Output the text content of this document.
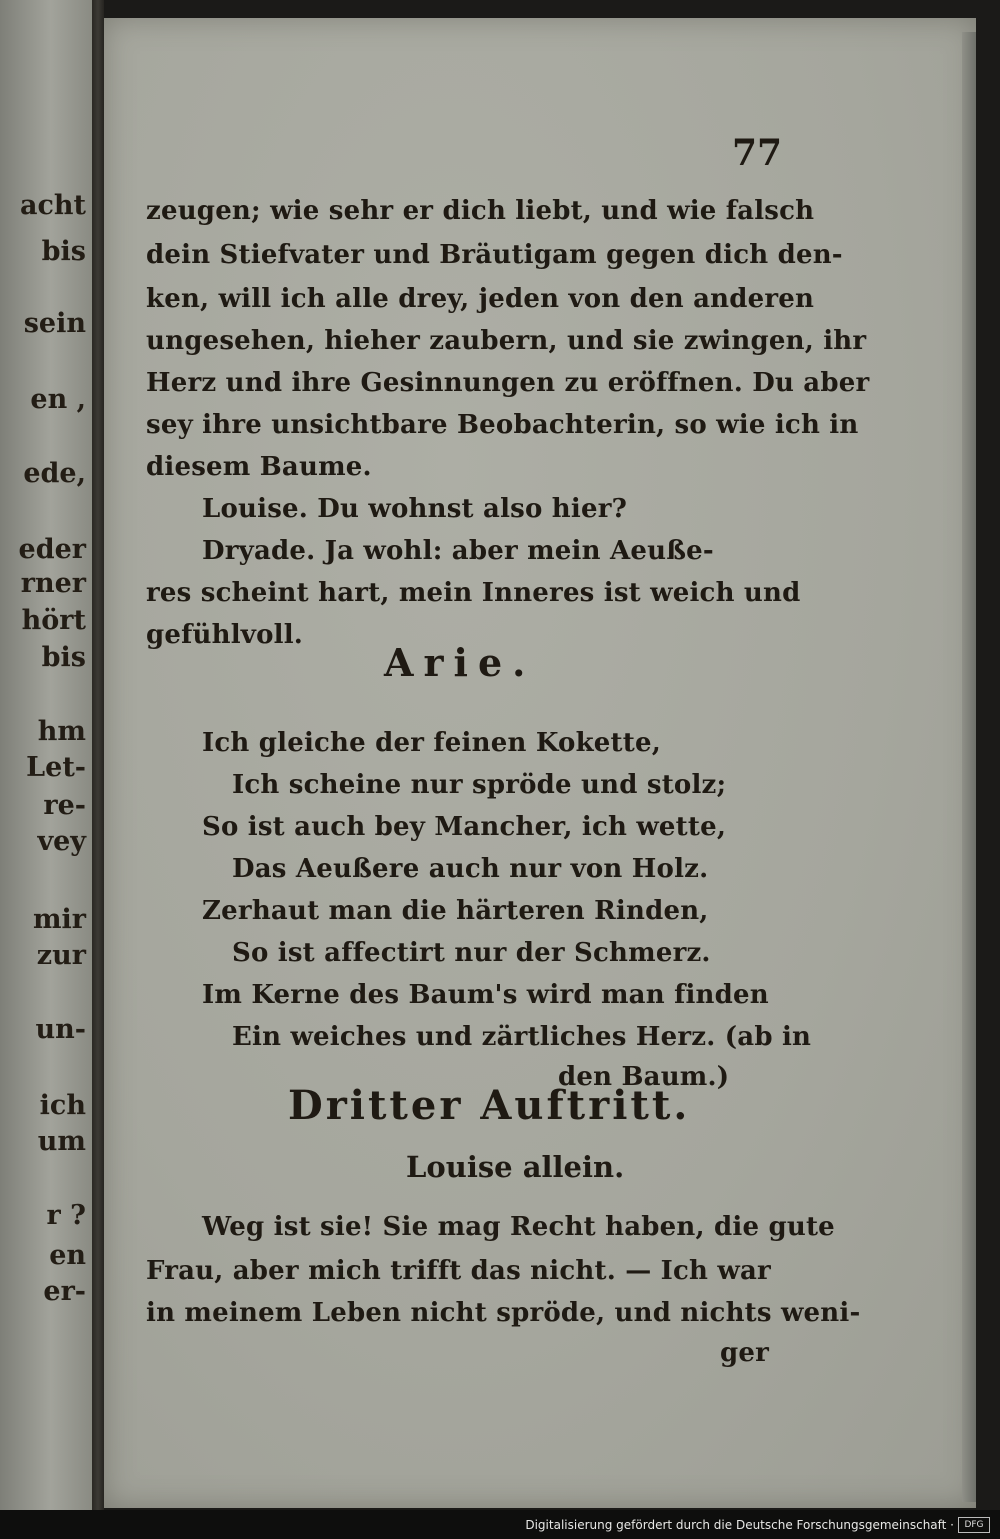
acht
bis
sein
en ,
ede,
eder
rner
hört
bis
hm
Let-
re-
vey
mir
zur
un-
ich
um
r ?
en
er-
77
zeugen; wie sehr er dich liebt, und wie falsch
dein Stiefvater und Bräutigam gegen dich den-
ken, will ich alle drey, jeden von den anderen
ungesehen, hieher zaubern, und sie zwingen, ihr
Herz und ihre Gesinnungen zu eröffnen. Du aber
sey ihre unsichtbare Beobachterin, so wie ich in
diesem Baume.
Louise. Du wohnst also hier?
Dryade. Ja wohl: aber mein Aeuße-
res scheint hart, mein Inneres ist weich und
gefühlvoll.
Arie.
Ich gleiche der feinen Kokette,
Ich scheine nur spröde und stolz;
So ist auch bey Mancher, ich wette,
Das Aeußere auch nur von Holz.
Zerhaut man die härteren Rinden,
So ist affectirt nur der Schmerz.
Im Kerne des Baum's wird man finden
Ein weiches und zärtliches Herz. (ab in
den Baum.)
Dritter Auftritt.
Louise allein.
Weg ist sie! Sie mag Recht haben, die gute
Frau, aber mich trifft das nicht. — Ich war
in meinem Leben nicht spröde, und nichts weni-
ger
Digitalisierung gefördert durch die Deutsche Forschungsgemeinschaft ·	DFG
